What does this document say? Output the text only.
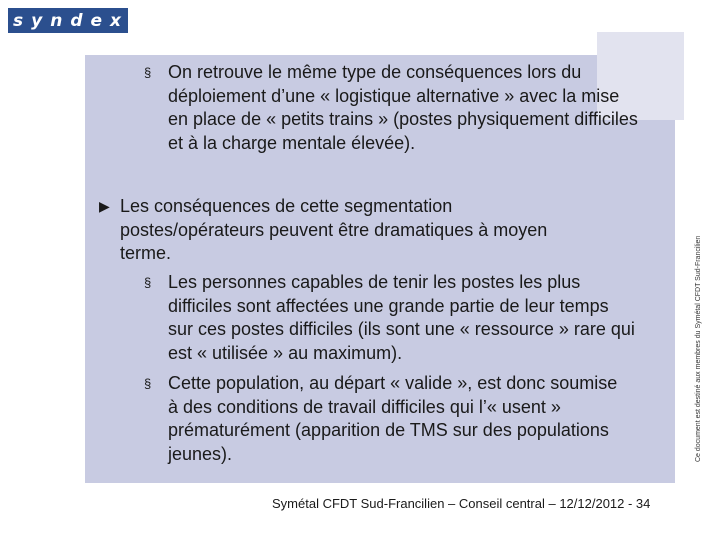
syndex
§ On retrouve le même type de conséquences lors du déploiement d’une « logistique alternative » avec la mise en place de « petits trains » (postes physiquement difficiles et à la charge mentale élevée).

▶ Les conséquences de cette segmentation postes/opérateurs peuvent être dramatiques à moyen terme.

§ Les personnes capables de tenir les postes les plus difficiles sont affectées une grande partie de leur temps sur ces postes difficiles (ils sont une « ressource » rare qui est « utilisée » au maximum).

§ Cette population, au départ « valide », est donc soumise à des conditions de travail difficiles qui l’« usent » prématurément (apparition de TMS sur des populations jeunes).	Ce document est destiné aux membres du Symétal CFDT Sud-Francilien
Symétal CFDT Sud-Francilien – Conseil central – 12/12/2012 - 34
